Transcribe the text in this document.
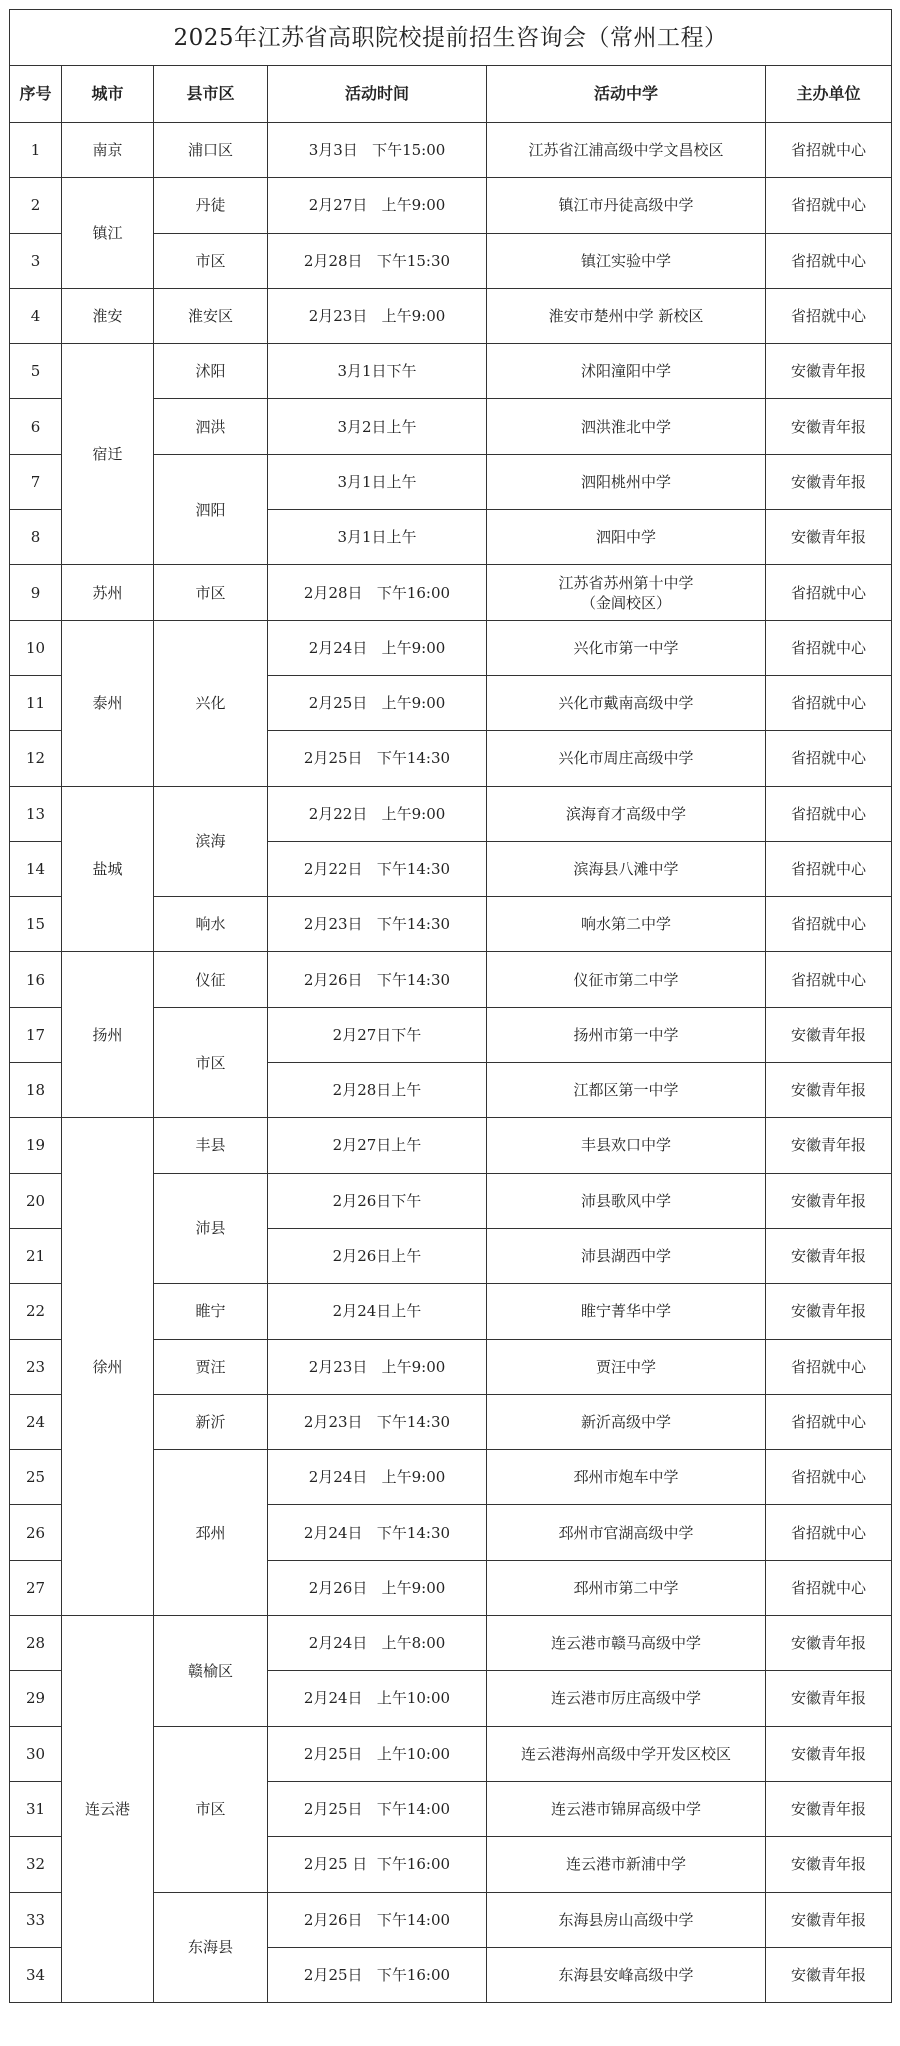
2025年江苏省高职院校提前招生咨询会（常州工程）					
序号	城市	县市区	活动时间	活动中学	主办单位
1	南京	浦口区	3月3日   下午15:00	江苏省江浦高级中学文昌校区	省招就中心
2	镇江	丹徒	2月27日   上午9:00	镇江市丹徒高级中学	省招就中心
3		市区	2月28日   下午15:30	镇江实验中学	省招就中心
4	淮安	淮安区	2月23日   上午9:00	淮安市楚州中学 新校区	省招就中心
5	宿迁	沭阳	3月1日下午	沭阳潼阳中学	安徽青年报
6		泗洪	3月2日上午	泗洪淮北中学	安徽青年报
7		泗阳	3月1日上午	泗阳桃州中学	安徽青年报
8			3月1日上午	泗阳中学	安徽青年报
9	苏州	市区	2月28日   下午16:00	江苏省苏州第十中学
（金阊校区）	省招就中心
10	泰州	兴化	2月24日   上午9:00	兴化市第一中学	省招就中心
11			2月25日   上午9:00	兴化市戴南高级中学	省招就中心
12			2月25日   下午14:30	兴化市周庄高级中学	省招就中心
13	盐城	滨海	2月22日   上午9:00	滨海育才高级中学	省招就中心
14			2月22日   下午14:30	滨海县八滩中学	省招就中心
15		响水	2月23日   下午14:30	响水第二中学	省招就中心
16	扬州	仪征	2月26日   下午14:30	仪征市第二中学	省招就中心
17		市区	2月27日下午	扬州市第一中学	安徽青年报
18			2月28日上午	江都区第一中学	安徽青年报
19	徐州	丰县	2月27日上午	丰县欢口中学	安徽青年报
20		沛县	2月26日下午	沛县歌风中学	安徽青年报
21			2月26日上午	沛县湖西中学	安徽青年报
22		睢宁	2月24日上午	睢宁菁华中学	安徽青年报
23		贾汪	2月23日   上午9:00	贾汪中学	省招就中心
24		新沂	2月23日   下午14:30	新沂高级中学	省招就中心
25		邳州	2月24日   上午9:00	邳州市炮车中学	省招就中心
26			2月24日   下午14:30	邳州市官湖高级中学	省招就中心
27			2月26日   上午9:00	邳州市第二中学	省招就中心
28	连云港	赣榆区	2月24日   上午8:00	连云港市赣马高级中学	安徽青年报
29			2月24日   上午10:00	连云港市厉庄高级中学	安徽青年报
30		市区	2月25日   上午10:00	连云港海州高级中学开发区校区	安徽青年报
31			2月25日   下午14:00	连云港市锦屏高级中学	安徽青年报
32			2月25 日  下午16:00	连云港市新浦中学	安徽青年报
33		东海县	2月26日   下午14:00	东海县房山高级中学	安徽青年报
34			2月25日   下午16:00	东海县安峰高级中学	安徽青年报
